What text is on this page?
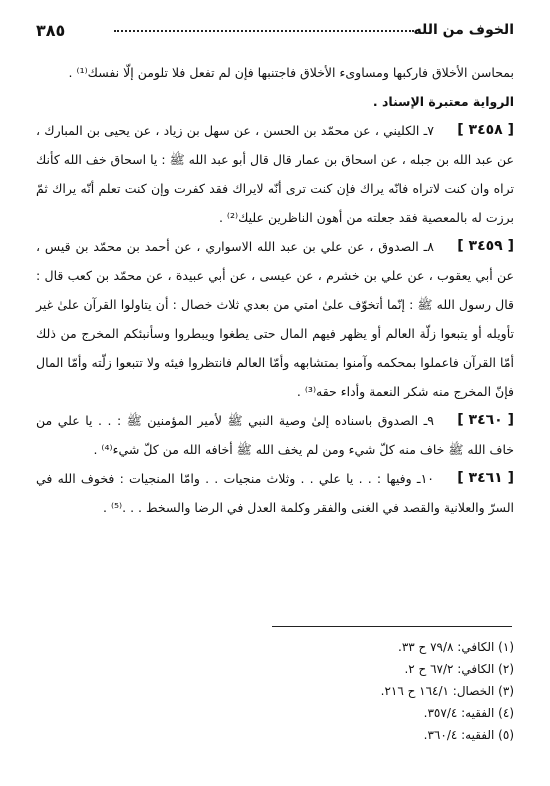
الخوف من الله
٣٨٥

بمحاسن الأخلاق فاركبها ومساوىء الأخلاق فاجتنبها فإن لم تفعل فلا تلومن إلّا نفسك⁽¹⁾ .

الرواية معتبرة الإسناد .

[ ٣٤٥٨ ]

٧ـ الكليني ، عن محمّد بن الحسن ، عن سهل بن زياد ، عن يحيى بن المبارك ، عن عبد الله بن جبله ، عن اسحاق بن عمار قال قال أبو عبد الله ﷺ : يا اسحاق خف الله كأنك تراه وان كنت لاتراه فانّه يراك فإن كنت ترى أنّه لايراك فقد كفرت وإن كنت تعلم أنّه يراك ثمّ برزت له بالمعصية فقد جعلته من أهون الناظرين عليك⁽²⁾ .

[ ٣٤٥٩ ]

٨ـ الصدوق ، عن علي بن عبد الله الاسواري ، عن أحمد بن محمّد بن قيس ، عن أبي يعقوب ، عن علي بن خشرم ، عن عيسى ، عن أبي عبيدة ، عن محمّد بن كعب قال : قال رسول الله ﷺ : إنّما أتخوّف علىٰ امتي من بعدي ثلاث خصال : أن يتاولوا القرآن علىٰ غير تأويله أو يتبعوا زلّة العالم أو يظهر فيهم المال حتى يطغوا ويبطروا وسأنبئكم المخرج من ذلك أمّا القرآن فاعملوا بمحكمه وآمنوا بمتشابهه وأمّا العالم فانتظروا فيئه ولا تتبعوا زلّته وأمّا المال فإنّ المخرج منه شكر النعمة وأداء حقه⁽³⁾ .

[ ٣٤٦٠ ]

٩ـ الصدوق باسناده إلىٰ وصية النبي ﷺ لأمير المؤمنين ﷺ : . . يا علي من خاف الله ﷺ خاف منه كلّ شيء ومن لم يخف الله ﷺ أخافه الله من كلّ شيء⁽⁴⁾ .

[ ٣٤٦١ ]

١٠ـ وفيها : . . يا علي . . وثلاث منجيات . . وامّا المنجيات : فخوف الله في السرّ والعلانية والقصد في الغنى والفقر وكلمة العدل في الرضا والسخط . . .⁽⁵⁾ .

(١) الكافي: ٧٩/٨ ح ٣٣.
(٢) الكافي: ٦٧/٢ ح ٢.
(٣) الخصال: ١٦٤/١ ح ٢١٦.
(٤) الفقيه: ٣٥٧/٤.
(٥) الفقيه: ٣٦٠/٤.
